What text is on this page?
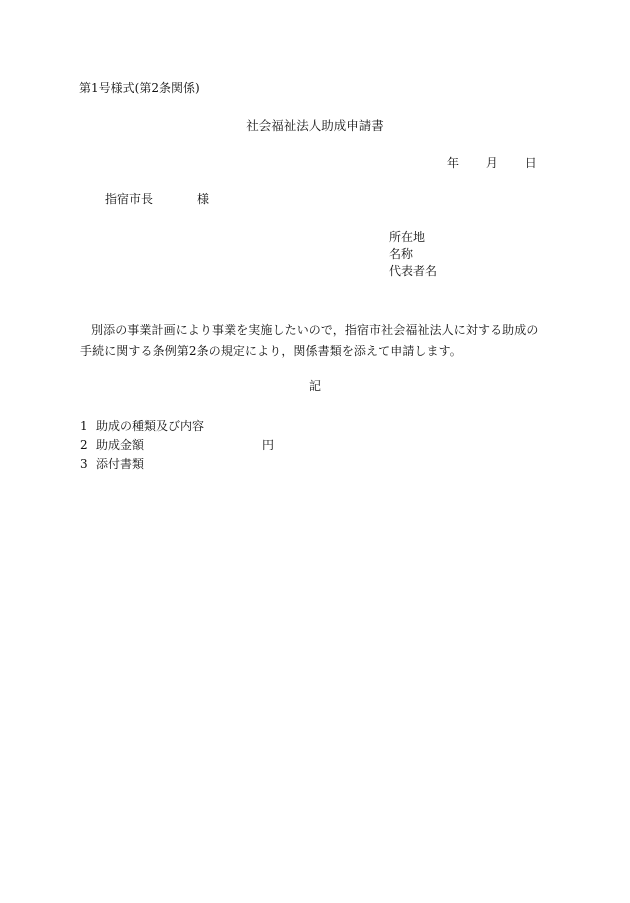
第1号様式(第2条関係)
社会福祉法人助成申請書
年 月 日
指宿市長	様
所在地
名称
代表者名
別添の事業計画により事業を実施したいので，指宿市社会福祉法人に対する助成の手続に関する条例第2条の規定により，関係書類を添えて申請します。
記
1 助成の種類及び内容
2 助成金額	円
3 添付書類
